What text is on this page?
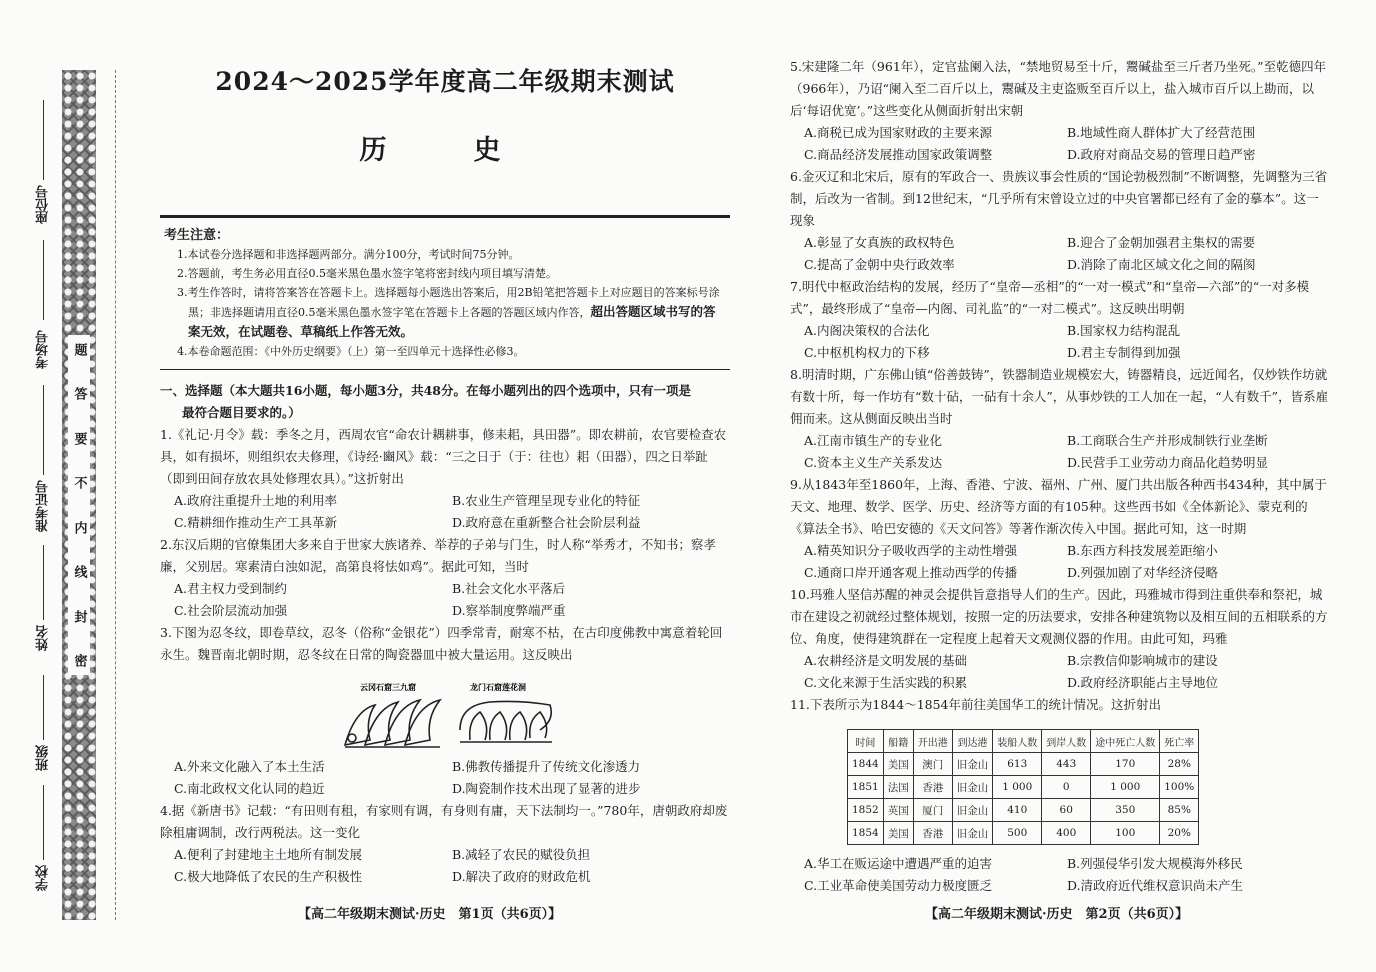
题
答
要
不
内
线
封
密
座位号
考场号
准考证号
姓名
班级
学校
2024～2025学年度高二年级期末测试
历　史
考生注意：

1.本试卷分选择题和非选择题两部分。满分100分，考试时间75分钟。

2.答题前，考生务必用直径0.5毫米黑色墨水签字笔将密封线内项目填写清楚。

3.考生作答时，请将答案答在答题卡上。选择题每小题选出答案后，用2B铅笔把答题卡上对应题目的答案标号涂黑；非选择题请用直径0.5毫米黑色墨水签字笔在答题卡上各题的答题区域内作答，超出答题区域书写的答案无效，在试题卷、草稿纸上作答无效。

4.本卷命题范围：《中外历史纲要》（上）第一至四单元十选择性必修3。

一、选择题（本大题共16小题，每小题3分，共48分。在每小题列出的四个选项中，只有一项是

最符合题目要求的。）

1.《礼记·月令》载：季冬之月，西周农官“命农计耦耕事，修耒耜，具田器”。即农耕前，农官要检查农具，如有损坏，则组织农夫修理，《诗经·豳风》载：“三之日于（于：往也）耜（田器），四之日举趾（即到田间存放农具处修理农具）。”这折射出

A.政府注重提升土地的利用率	B.农业生产管理呈现专业化的特征
C.精耕细作推动生产工具革新	D.政府意在重新整合社会阶层利益

2.东汉后期的官僚集团大多来自于世家大族诸养、举荐的子弟与门生，时人称“举秀才，不知书；察孝廉，父别居。寒素清白浊如泥，高第良将怯如鸡”。据此可知，当时

A.君主权力受到制约	B.社会文化水平落后
C.社会阶层流动加强	D.察举制度弊端严重

3.下图为忍冬纹，即卷草纹，忍冬（俗称“金银花”）四季常青，耐寒不枯，在古印度佛教中寓意着轮回永生。魏晋南北朝时期，忍冬纹在日常的陶瓷器皿中被大量运用。这反映出

A.外来文化融入了本土生活	B.佛教传播提升了传统文化渗透力
C.南北政权文化认同的趋近	D.陶瓷制作技术出现了显著的进步

4.据《新唐书》记载：“有田则有租，有家则有调，有身则有庸，天下法制均一。”780年，唐朝政府却废除租庸调制，改行两税法。这一变化

A.便利了封建地主土地所有制发展	B.减轻了农民的赋役负担
C.极大地降低了农民的生产积极性	D.解决了政府的财政危机
云冈石窟三九窟	龙门石窟莲花洞
【高二年级期末测试·历史　第1页（共6页）】

5.宋建隆二年（961年），定官盐阑入法，“禁地贸易至十斤，鬻碱盐至三斤者乃坐死。”至乾德四年（966年），乃诏“阑入至二百斤以上，鬻碱及主吏盗贩至百斤以上，盐入城市百斤以上勘而，以后‘每诏优宽’。”这些变化从侧面折射出宋朝

A.商税已成为国家财政的主要来源	B.地域性商人群体扩大了经营范围
C.商品经济发展推动国家政策调整	D.政府对商品交易的管理日趋严密

6.金灭辽和北宋后，原有的军政合一、贵族议事会性质的“国论勃极烈制”不断调整，先调整为三省制，后改为一省制。到12世纪末，“几乎所有宋曾设立过的中央官署都已经有了金的摹本”。这一现象

A.彰显了女真族的政权特色	B.迎合了金朝加强君主集权的需要
C.提高了金朝中央行政效率	D.消除了南北区域文化之间的隔阂

7.明代中枢政治结构的发展，经历了“皇帝—丞相”的“一对一模式”和“皇帝—六部”的“一对多模式”，最终形成了“皇帝—内阁、司礼监”的“一对二模式”。这反映出明朝

A.内阁决策权的合法化	B.国家权力结构混乱
C.中枢机构权力的下移	D.君主专制得到加强

8.明清时期，广东佛山镇“俗善鼓铸”，铁器制造业规模宏大，铸器精良，远近闻名，仅炒铁作坊就有数十所，每一作坊有“数十砧，一砧有十余人”，从事炒铁的工人加在一起，“人有数千”，皆系雇佣而来。这从侧面反映出当时

A.江南市镇生产的专业化	B.工商联合生产并形成制铁行业垄断
C.资本主义生产关系发达	D.民营手工业劳动力商品化趋势明显

9.从1843年至1860年，上海、香港、宁波、福州、广州、厦门共出版各种西书434种，其中属于天文、地理、数学、医学、历史、经济等方面的有105种。这些西书如《全体新论》、蒙克利的《算法全书》、哈巴安德的《天文问答》等著作渐次传入中国。据此可知，这一时期

A.精英知识分子吸收西学的主动性增强	B.东西方科技发展差距缩小
C.通商口岸开通客观上推动西学的传播	D.列强加剧了对华经济侵略

10.玛雅人坚信苏醒的神灵会提供旨意指导人们的生产。因此，玛雅城市得到注重供奉和祭祀，城市在建设之初就经过整体规划，按照一定的历法要求，安排各种建筑物以及相互间的五相联系的方位、角度，使得建筑群在一定程度上起着天文观测仪器的作用。由此可知，玛雅

A.农耕经济是文明发展的基础	B.宗教信仰影响城市的建设
C.文化来源于生活实践的积累	D.政府经济职能占主导地位

11.下表所示为1844～1854年前往美国华工的统计情况。这折射出

时间	船籍	开出港	到达港	装船人数	到岸人数	途中死亡人数	死亡率
1844	美国	澳门	旧金山	613	443	170	28%
1851	法国	香港	旧金山	1 000	0	1 000	100%
1852	英国	厦门	旧金山	410	60	350	85%
1854	美国	香港	旧金山	500	400	100	20%
A.华工在贩运途中遭遇严重的迫害	B.列强侵华引发大规模海外移民
C.工业革命使美国劳动力极度匮乏	D.清政府近代维权意识尚未产生
【高二年级期末测试·历史　第2页（共6页）】
